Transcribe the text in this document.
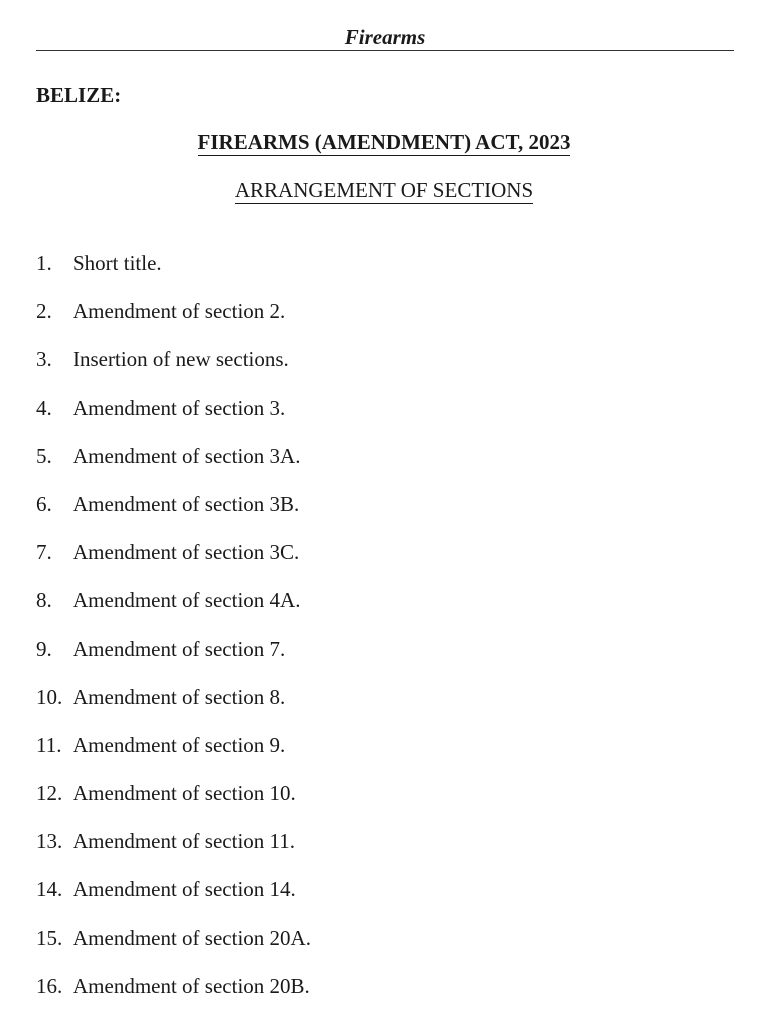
Firearms
BELIZE:
FIREARMS (AMENDMENT) ACT, 2023
ARRANGEMENT OF SECTIONS
1. Short title.
2. Amendment of section 2.
3. Insertion of new sections.
4. Amendment of section 3.
5. Amendment of section 3A.
6. Amendment of section 3B.
7. Amendment of section 3C.
8. Amendment of section 4A.
9. Amendment of section 7.
10. Amendment of section 8.
11. Amendment of section 9.
12. Amendment of section 10.
13. Amendment of section 11.
14. Amendment of section 14.
15. Amendment of section 20A.
16. Amendment of section 20B.
